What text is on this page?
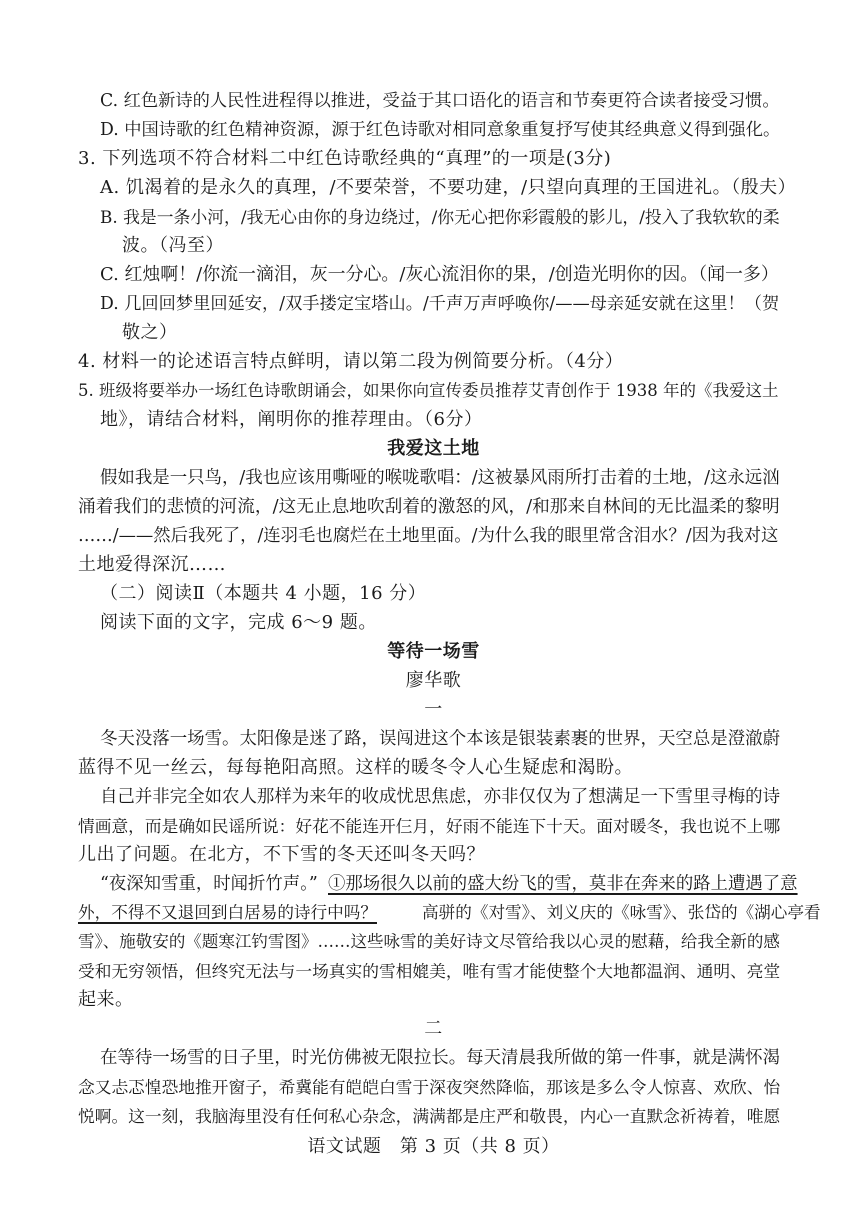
C. 红色新诗的人民性进程得以推进，受益于其口语化的语言和节奏更符合读者接受习惯。
D. 中国诗歌的红色精神资源，源于红色诗歌对相同意象重复抒写使其经典意义得到强化。
3. 下列选项不符合材料二中红色诗歌经典的“真理”的一项是(3分)
A. 饥渴着的是永久的真理，/不要荣誉，不要功建，/只望向真理的王国进礼。（殷夫）
B. 我是一条小河，/我无心由你的身边绕过，/你无心把你彩霞般的影儿，/投入了我软软的柔
波。（冯至）
C. 红烛啊！/你流一滴泪，灰一分心。/灰心流泪你的果，/创造光明你的因。（闻一多）
D. 几回回梦里回延安，/双手搂定宝塔山。/千声万声呼唤你/——母亲延安就在这里！（贺
敬之）
4. 材料一的论述语言特点鲜明，请以第二段为例简要分析。（4分）
5. 班级将要举办一场红色诗歌朗诵会，如果你向宣传委员推荐艾青创作于 1938 年的《我爱这土
地》，请结合材料，阐明你的推荐理由。（6分）
我爱这土地
假如我是一只鸟，/我也应该用嘶哑的喉咙歌唱：/这被暴风雨所打击着的土地，/这永远汹
涌着我们的悲愤的河流，/这无止息地吹刮着的激怒的风，/和那来自林间的无比温柔的黎明
……/——然后我死了，/连羽毛也腐烂在土地里面。/为什么我的眼里常含泪水？/因为我对这
土地爱得深沉……
（二）阅读Ⅱ（本题共 4 小题，16 分）
阅读下面的文字，完成 6～9 题。
等待一场雪
廖华歌
一
冬天没落一场雪。太阳像是迷了路，误闯进这个本该是银装素裹的世界，天空总是澄澈蔚
蓝得不见一丝云，每每艳阳高照。这样的暖冬令人心生疑虑和渴盼。
自己并非完全如农人那样为来年的收成忧思焦虑，亦非仅仅为了想满足一下雪里寻梅的诗
情画意，而是确如民谣所说：好花不能连开仨月，好雨不能连下十天。面对暖冬，我也说不上哪
儿出了问题。在北方，不下雪的冬天还叫冬天吗？

“夜深知雪重，时闻折竹声。”

①那场很久以前的盛大纷飞的雪，莫非在奔来的路上遭遇了意

外，不得不又退回到白居易的诗行中吗？

	高骈的《对雪》、刘义庆的《咏雪》、张岱的《湖心亭看

雪》、施敬安的《题寒江钓雪图》……这些咏雪的美好诗文尽管给我以心灵的慰藉，给我全新的感
受和无穷领悟，但终究无法与一场真实的雪相媲美，唯有雪才能使整个大地都温润、通明、亮堂
起来。
二
在等待一场雪的日子里，时光仿佛被无限拉长。每天清晨我所做的第一件事，就是满怀渴
念又忐忑惶恐地推开窗子，希冀能有皑皑白雪于深夜突然降临，那该是多么令人惊喜、欢欣、怡
悦啊。这一刻，我脑海里没有任何私心杂念，满满都是庄严和敬畏，内心一直默念祈祷着，唯愿
语文试题　第 3 页（共 8 页）
